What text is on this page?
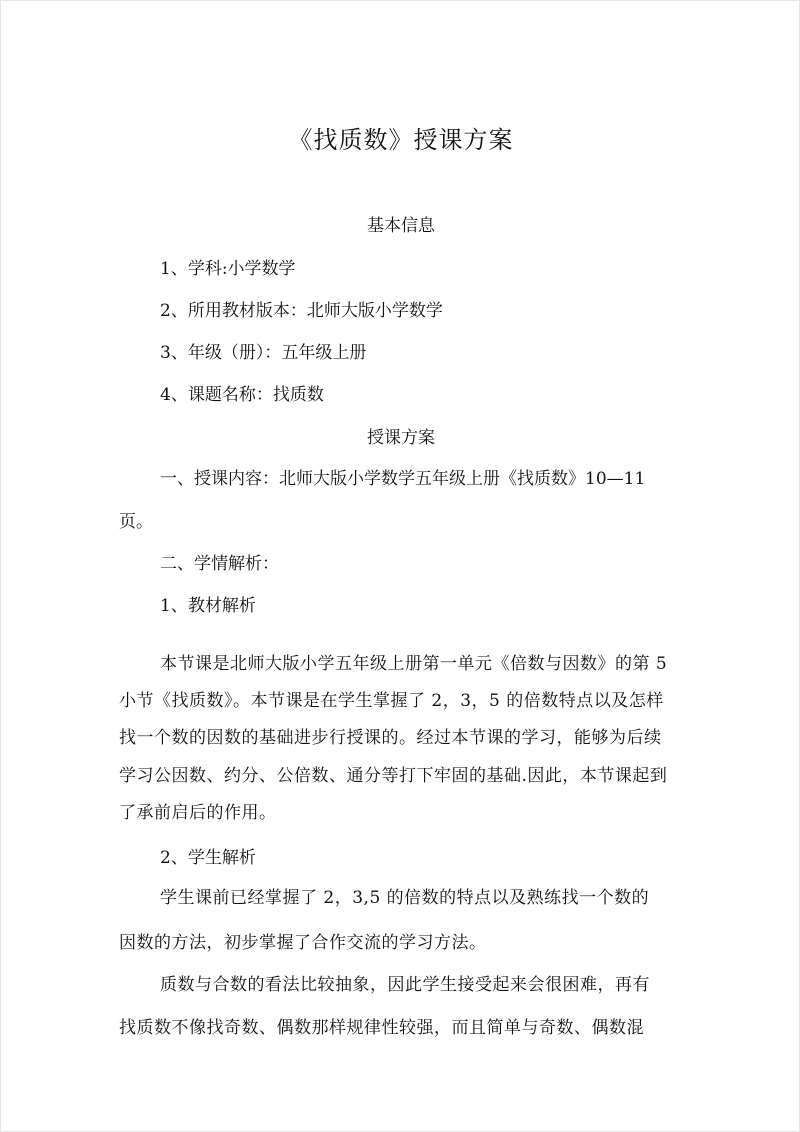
《找质数》授课方案
基本信息
1、学科:小学数学
2、所用教材版本：北师大版小学数学
3、年级（册）：五年级上册
4、课题名称：找质数
授课方案
一、授课内容：北师大版小学数学五年级上册《找质数》10—11
页。
二、学情解析：
1、教材解析
本节课是北师大版小学五年级上册第一单元《倍数与因数》的第 5
小节《找质数》。本节课是在学生掌握了 2，3，5 的倍数特点以及怎样
找一个数的因数的基础进步行授课的。经过本节课的学习，能够为后续
学习公因数、约分、公倍数、通分等打下牢固的基础.因此，本节课起到
了承前启后的作用。
2、学生解析
学生课前已经掌握了 2，3,5 的倍数的特点以及熟练找一个数的
因数的方法，初步掌握了合作交流的学习方法。
质数与合数的看法比较抽象，因此学生接受起来会很困难，再有
找质数不像找奇数、偶数那样规律性较强，而且简单与奇数、偶数混
